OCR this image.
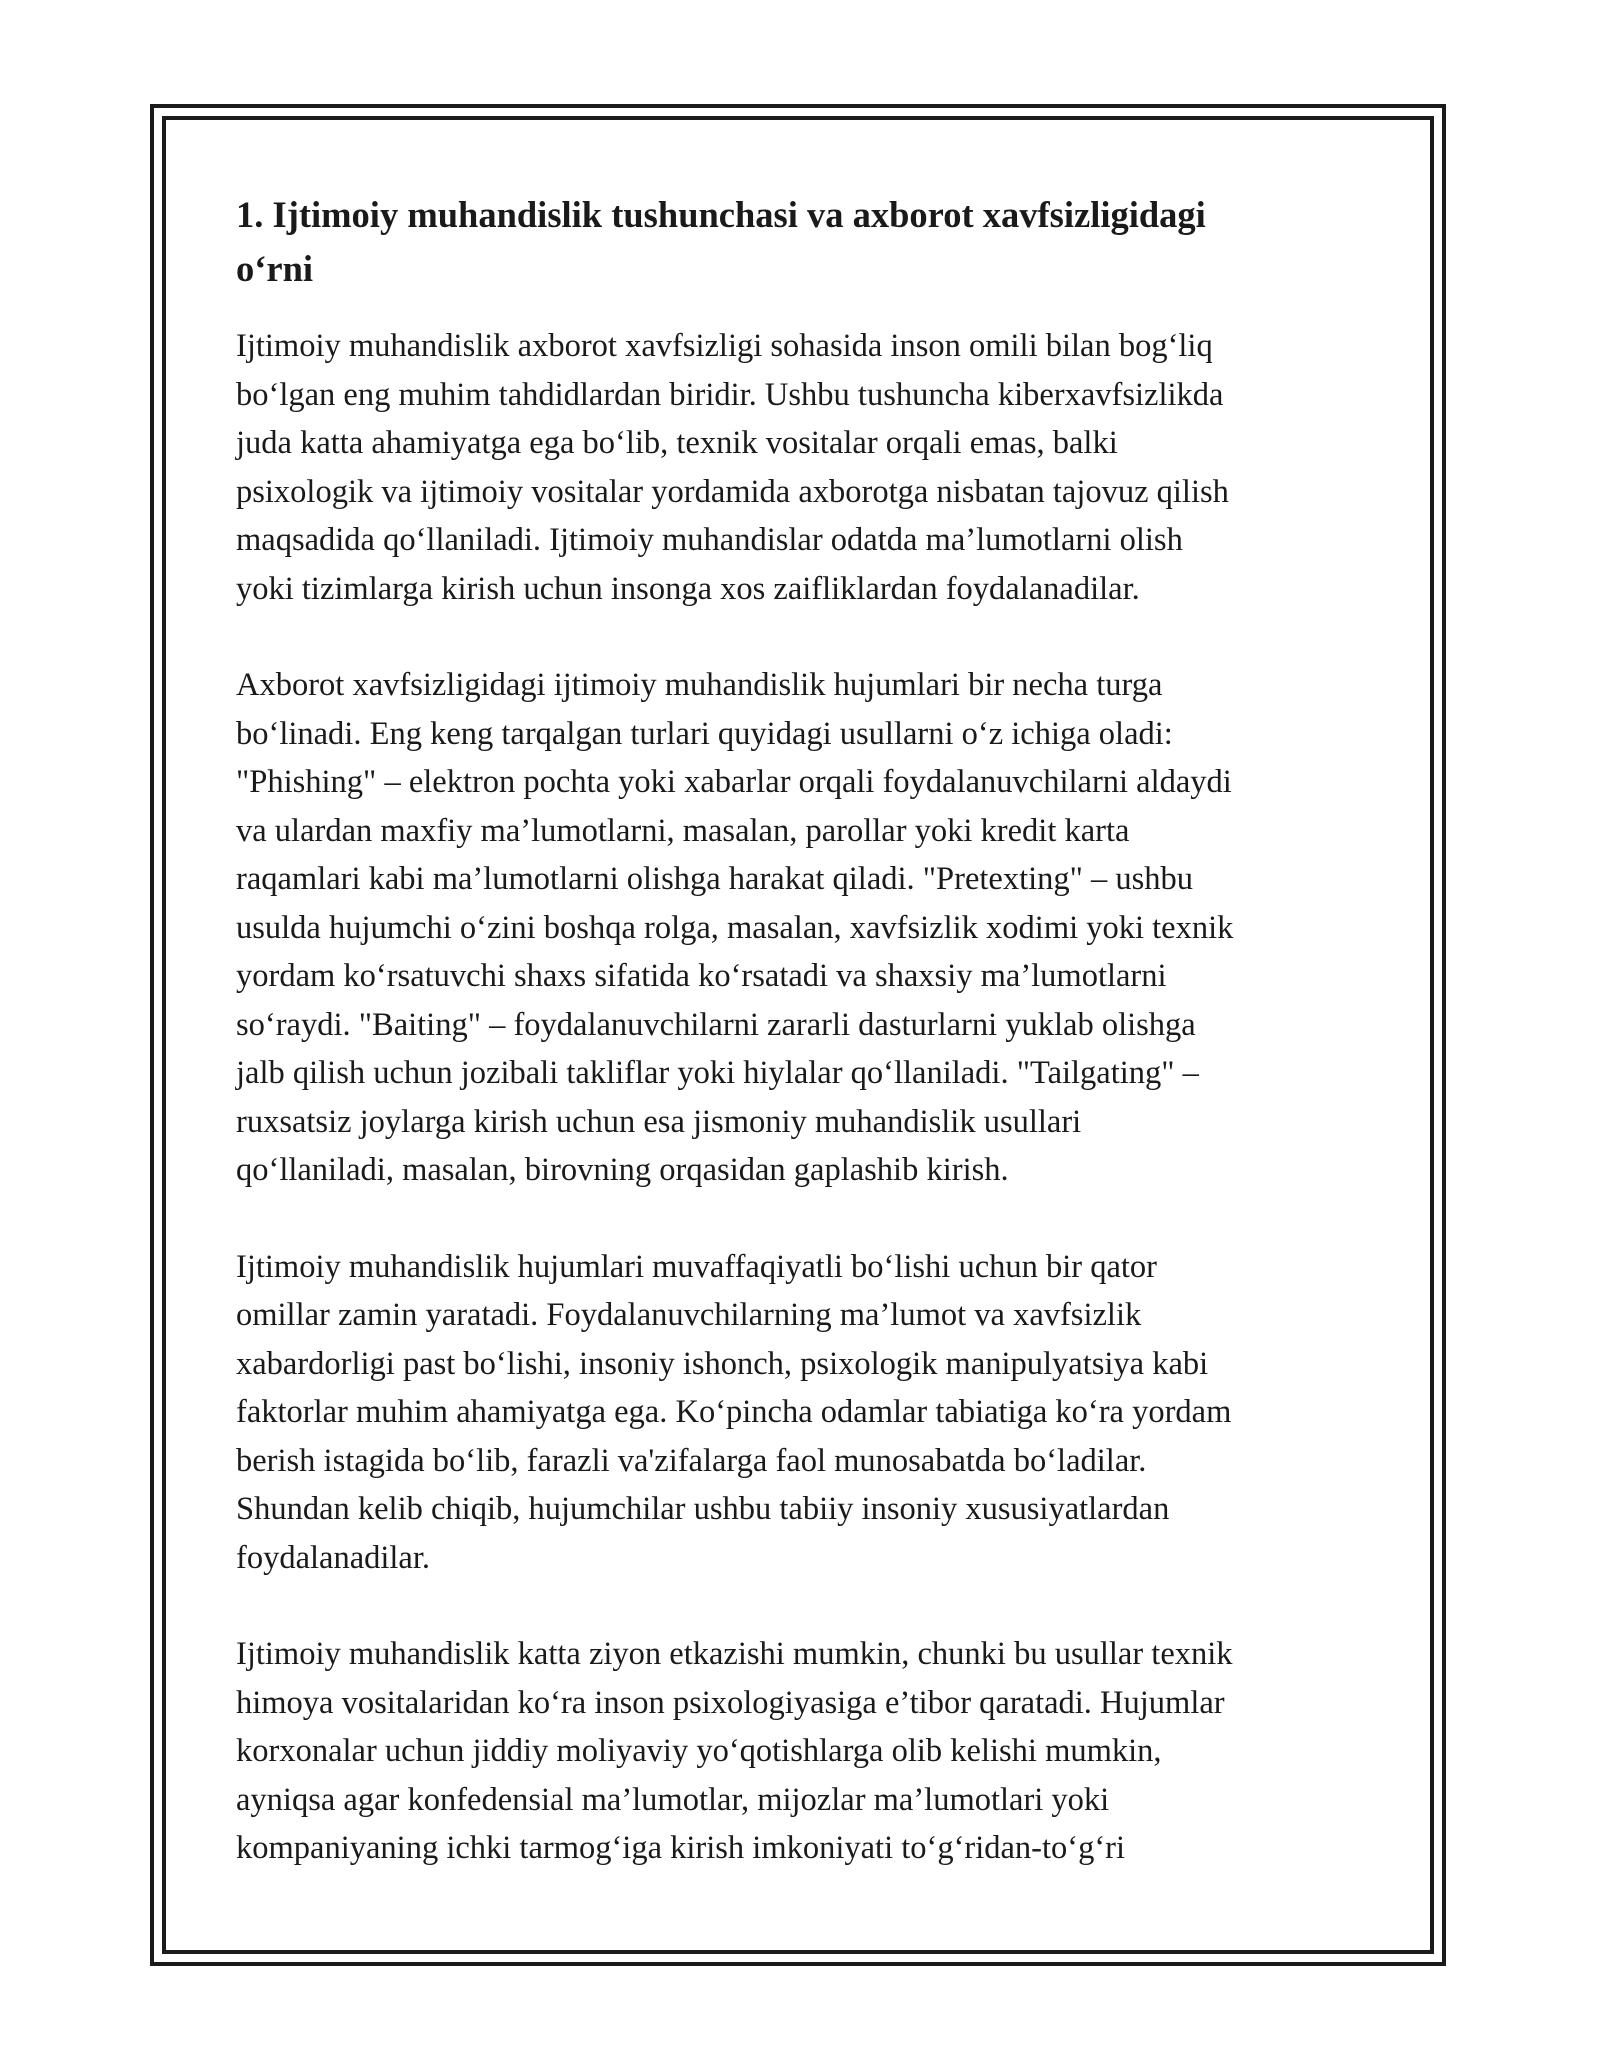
1. Ijtimoiy muhandislik tushunchasi va axborot xavfsizligidagi
o‘rni

Ijtimoiy muhandislik axborot xavfsizligi sohasida inson omili bilan bog‘liq
bo‘lgan eng muhim tahdidlardan biridir. Ushbu tushuncha kiberxavfsizlikda
juda katta ahamiyatga ega bo‘lib, texnik vositalar orqali emas, balki
psixologik va ijtimoiy vositalar yordamida axborotga nisbatan tajovuz qilish
maqsadida qo‘llaniladi. Ijtimoiy muhandislar odatda ma’lumotlarni olish
yoki tizimlarga kirish uchun insonga xos zaifliklardan foydalanadilar.

Axborot xavfsizligidagi ijtimoiy muhandislik hujumlari bir necha turga
bo‘linadi. Eng keng tarqalgan turlari quyidagi usullarni o‘z ichiga oladi:
"Phishing" – elektron pochta yoki xabarlar orqali foydalanuvchilarni aldaydi
va ulardan maxfiy ma’lumotlarni, masalan, parollar yoki kredit karta
raqamlari kabi ma’lumotlarni olishga harakat qiladi. "Pretexting" – ushbu
usulda hujumchi o‘zini boshqa rolga, masalan, xavfsizlik xodimi yoki texnik
yordam ko‘rsatuvchi shaxs sifatida ko‘rsatadi va shaxsiy ma’lumotlarni
so‘raydi. "Baiting" – foydalanuvchilarni zararli dasturlarni yuklab olishga
jalb qilish uchun jozibali takliflar yoki hiylalar qo‘llaniladi. "Tailgating" –
ruxsatsiz joylarga kirish uchun esa jismoniy muhandislik usullari
qo‘llaniladi, masalan, birovning orqasidan gaplashib kirish.

Ijtimoiy muhandislik hujumlari muvaffaqiyatli bo‘lishi uchun bir qator
omillar zamin yaratadi. Foydalanuvchilarning ma’lumot va xavfsizlik
xabardorligi past bo‘lishi, insoniy ishonch, psixologik manipulyatsiya kabi
faktorlar muhim ahamiyatga ega. Ko‘pincha odamlar tabiatiga ko‘ra yordam
berish istagida bo‘lib, farazli va'zifalarga faol munosabatda bo‘ladilar.
Shundan kelib chiqib, hujumchilar ushbu tabiiy insoniy xususiyatlardan
foydalanadilar.

Ijtimoiy muhandislik katta ziyon etkazishi mumkin, chunki bu usullar texnik
himoya vositalaridan ko‘ra inson psixologiyasiga e’tibor qaratadi. Hujumlar
korxonalar uchun jiddiy moliyaviy yo‘qotishlarga olib kelishi mumkin,
ayniqsa agar konfedensial ma’lumotlar, mijozlar ma’lumotlari yoki
kompaniyaning ichki tarmog‘iga kirish imkoniyati to‘g‘ridan-to‘g‘ri
